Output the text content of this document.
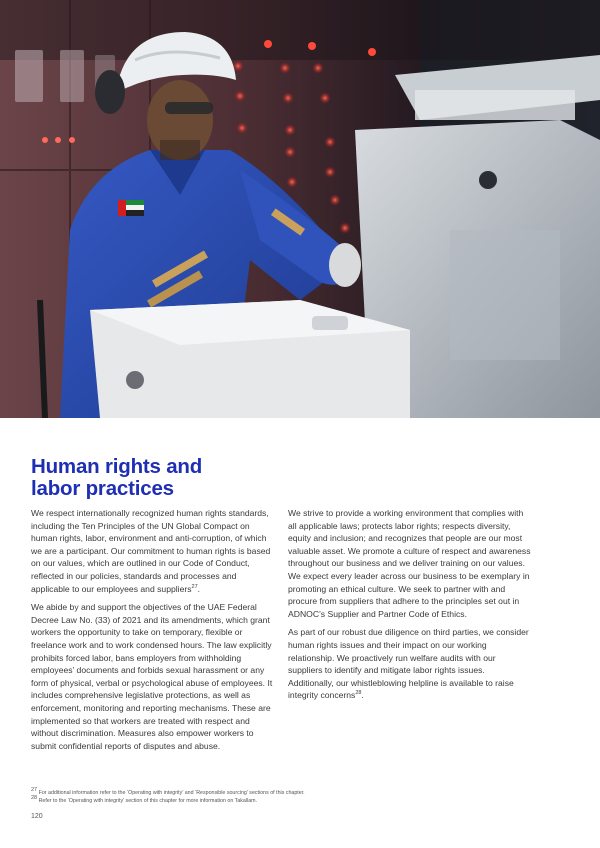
Human rights and
labor practices

We respect internationally recognized human rights standards, including the Ten Principles of the UN Global Compact on human rights, labor, environment and anti-corruption, of which we are a participant. Our commitment to human rights is based on our values, which are outlined in our Code of Conduct, reflected in our policies, standards and processes and applicable to our employees and suppliers$^{27}$.

We abide by and support the objectives of the UAE Federal Decree Law No. (33) of 2021 and its amendments, which grant workers the opportunity to take on temporary, flexible or freelance work and to work condensed hours. The law explicitly prohibits forced labor, bans employers from withholding employees’ documents and forbids sexual harassment or any form of physical, verbal or psychological abuse of employees. It includes comprehensive legislative protections, as well as enforcement, monitoring and reporting mechanisms. These are implemented so that workers are treated with respect and without discrimination. Measures also empower workers to submit confidential reports of disputes and abuse.

We strive to provide a working environment that complies with all applicable laws; protects labor rights; respects diversity, equity and inclusion; and recognizes that people are our most valuable asset. We promote a culture of respect and awareness throughout our business and we deliver training on our values. We expect every leader across our business to be exemplary in promoting an ethical culture. We seek to partner with and procure from suppliers that adhere to the principles set out in ADNOC’s Supplier and Partner Code of Ethics.

As part of our robust due diligence on third parties, we consider human rights issues and their impact on our working relationship. We proactively run welfare audits with our suppliers to identify and mitigate labor rights issues. Additionally, our whistleblowing helpline is available to raise integrity concerns$^{28}$.

$^{27}$ For additional information refer to the ‘Operating with integrity’ and ‘Responsible sourcing’ sections of this chapter.
$^{28}$ Refer to the ‘Operating with integrity’ section of this chapter for more information on Takallam.
120
